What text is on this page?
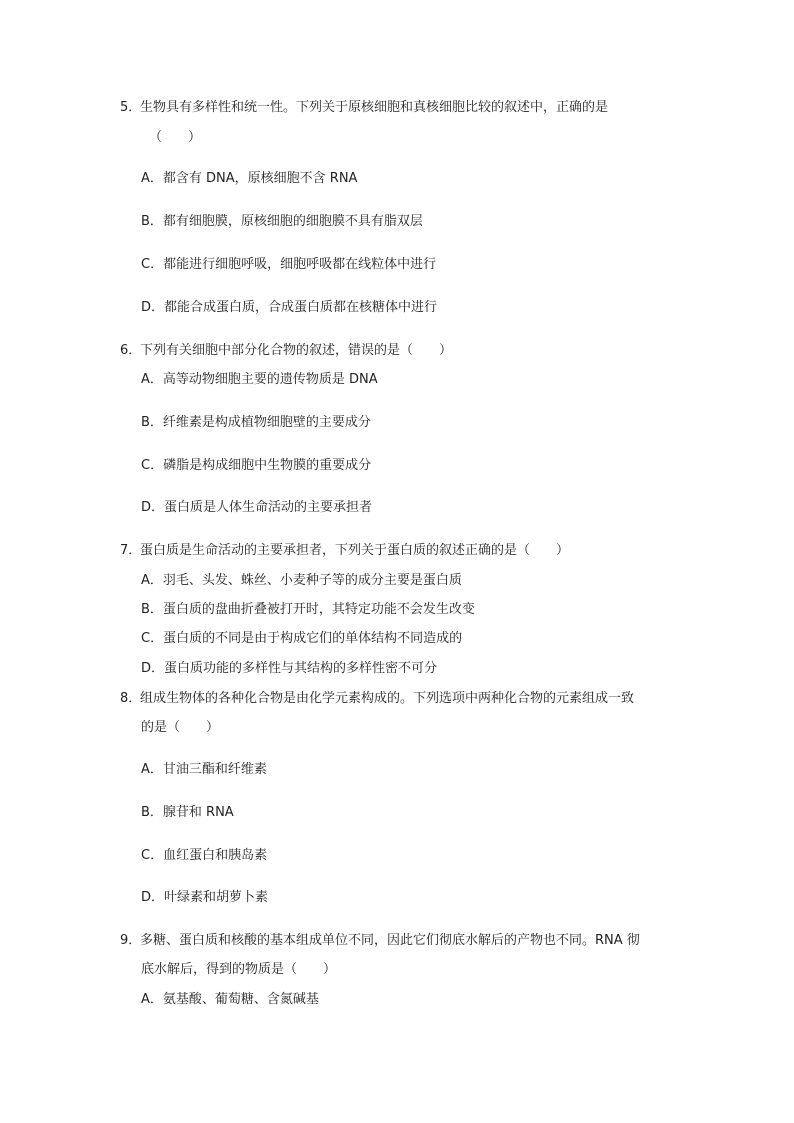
5．生物具有多样性和统一性。下列关于原核细胞和真核细胞比较的叙述中，正确的是
（　　）
A．都含有 DNA，原核细胞不含 RNA
B．都有细胞膜，原核细胞的细胞膜不具有脂双层
C．都能进行细胞呼吸，细胞呼吸都在线粒体中进行
D．都能合成蛋白质，合成蛋白质都在核糖体中进行
6．下列有关细胞中部分化合物的叙述，错误的是（　　）
A．高等动物细胞主要的遗传物质是 DNA
B．纤维素是构成植物细胞壁的主要成分
C．磷脂是构成细胞中生物膜的重要成分
D．蛋白质是人体生命活动的主要承担者
7．蛋白质是生命活动的主要承担者，下列关于蛋白质的叙述正确的是（　　）
A．羽毛、头发、蛛丝、小麦种子等的成分主要是蛋白质
B．蛋白质的盘曲折叠被打开时，其特定功能不会发生改变
C．蛋白质的不同是由于构成它们的单体结构不同造成的
D．蛋白质功能的多样性与其结构的多样性密不可分
8．组成生物体的各种化合物是由化学元素构成的。下列选项中两种化合物的元素组成一致
的是（　　）
A．甘油三酯和纤维素
B．腺苷和 RNA
C．血红蛋白和胰岛素
D．叶绿素和胡萝卜素
9．多糖、蛋白质和核酸的基本组成单位不同，因此它们彻底水解后的产物也不同。RNA 彻
底水解后，得到的物质是（　　）
A．氨基酸、葡萄糖、含氮碱基
